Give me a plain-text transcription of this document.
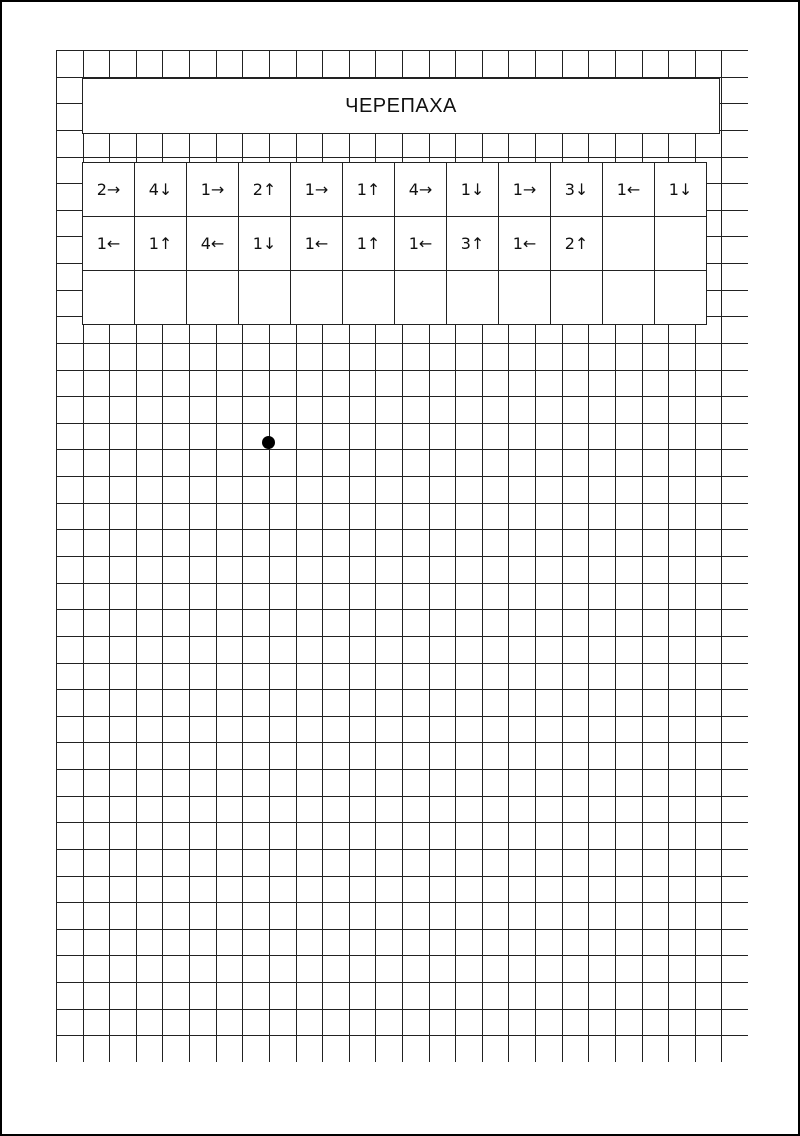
ЧЕРЕПАХА
2→	4↓	1→	2↑	1→	1↑	4→	1↓	1→	3↓	1←	1↓
1←	1↑	4←	1↓	1←	1↑	1←	3↑	1←	2↑		
